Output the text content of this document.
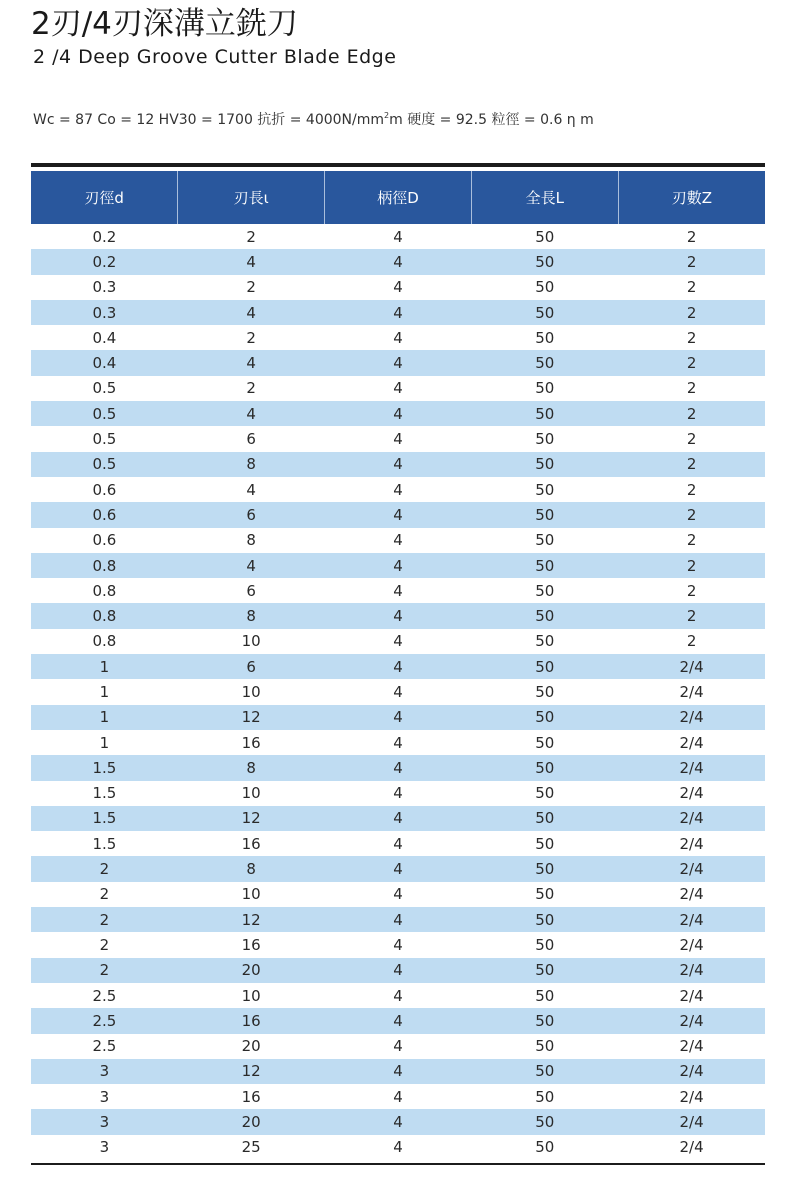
2刃/4刃深溝立銑刀
2 /4 Deep Groove Cutter Blade Edge
Wc = 87 Co = 12 HV30 = 1700 抗折 = $4000N/mm^2m$ 硬度 = 92.5 粒徑 = 0.6 η m
刃徑d	刃長ι	柄徑D	全長L	刃數Z
0.2	2	4	50	2
0.2	4	4	50	2
0.3	2	4	50	2
0.3	4	4	50	2
0.4	2	4	50	2
0.4	4	4	50	2
0.5	2	4	50	2
0.5	4	4	50	2
0.5	6	4	50	2
0.5	8	4	50	2
0.6	4	4	50	2
0.6	6	4	50	2
0.6	8	4	50	2
0.8	4	4	50	2
0.8	6	4	50	2
0.8	8	4	50	2
0.8	10	4	50	2
1	6	4	50	2/4
1	10	4	50	2/4
1	12	4	50	2/4
1	16	4	50	2/4
1.5	8	4	50	2/4
1.5	10	4	50	2/4
1.5	12	4	50	2/4
1.5	16	4	50	2/4
2	8	4	50	2/4
2	10	4	50	2/4
2	12	4	50	2/4
2	16	4	50	2/4
2	20	4	50	2/4
2.5	10	4	50	2/4
2.5	16	4	50	2/4
2.5	20	4	50	2/4
3	12	4	50	2/4
3	16	4	50	2/4
3	20	4	50	2/4
3	25	4	50	2/4
